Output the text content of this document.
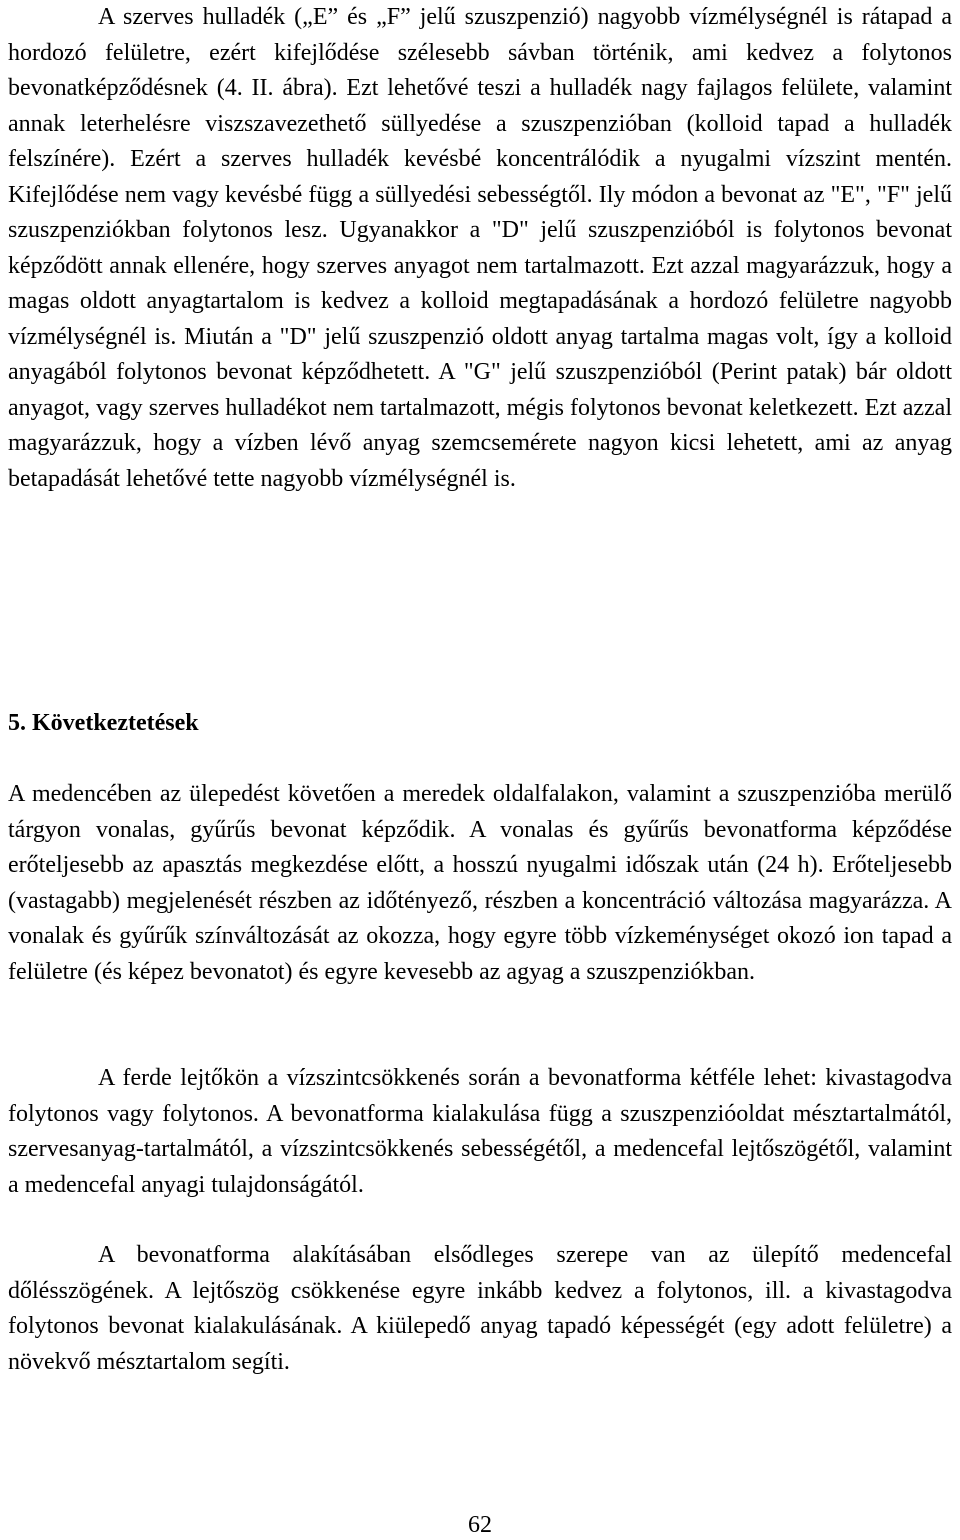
A szerves hulladék („E” és „F” jelű szuszpenzió) nagyobb vízmélységnél is rátapad a hordozó felületre, ezért kifejlődése szélesebb sávban történik, ami kedvez a folytonos bevonatképződésnek (4. II. ábra). Ezt lehetővé teszi a hulladék nagy fajlagos felülete, valamint annak leterhelésre viszszavezethető süllyedése a szuszpenzióban (kolloid tapad a hulladék felszínére). Ezért a szerves hulladék kevésbé koncentrálódik a nyugalmi vízszint mentén. Kifejlődése nem vagy kevésbé függ a süllyedési sebességtől. Ily módon a bevonat az "E", "F" jelű szuszpenziókban folytonos lesz. Ugyanakkor a "D" jelű szuszpenzióból is folytonos bevonat képződött annak ellenére, hogy szerves anyagot nem tartalmazott. Ezt azzal magyarázzuk, hogy a magas oldott anyagtartalom is kedvez a kolloid megtapadásának a hordozó felületre nagyobb vízmélységnél is. Miután a "D" jelű szuszpenzió oldott anyag tartalma magas volt, így a kolloid anyagából folytonos bevonat képződhetett. A "G" jelű szuszpenzióból (Perint patak) bár oldott anyagot, vagy szerves hulladékot nem tartalmazott, mégis folytonos bevonat keletkezett. Ezt azzal magyarázzuk, hogy a vízben lévő anyag szemcsemérete nagyon kicsi lehetett, ami az anyag betapadását lehetővé tette nagyobb vízmélységnél is.

5. Következtetések

A medencében az ülepedést követően a meredek oldalfalakon, valamint a szuszpenzióba merülő tárgyon vonalas, gyűrűs bevonat képződik. A vonalas és gyűrűs bevonatforma képződése erőteljesebb az apasztás megkezdése előtt, a hosszú nyugalmi időszak után (24 h). Erőteljesebb (vastagabb) megjelenését részben az időtényező, részben a koncentráció változása magyarázza. A vonalak és gyűrűk színváltozását az okozza, hogy egyre több vízkeménységet okozó ion tapad a felületre (és képez bevonatot) és egyre kevesebb az agyag a szuszpenziókban.

A ferde lejtőkön a vízszintcsökkenés során a bevonatforma kétféle lehet: kivastagodva folytonos vagy folytonos. A bevonatforma kialakulása függ a szuszpenzióoldat mésztartalmától, szervesanyag-tartalmától, a vízszintcsökkenés sebességétől, a medencefal lejtőszögétől, valamint a medencefal anyagi tulajdonságától.

A bevonatforma alakításában elsődleges szerepe van az ülepítő medencefal dőlésszögének. A lejtőszög csökkenése egyre inkább kedvez a folytonos, ill. a kivastagodva folytonos bevonat kialakulásának. A kiülepedő anyag tapadó képességét (egy adott felületre) a növekvő mésztartalom segíti.

62
